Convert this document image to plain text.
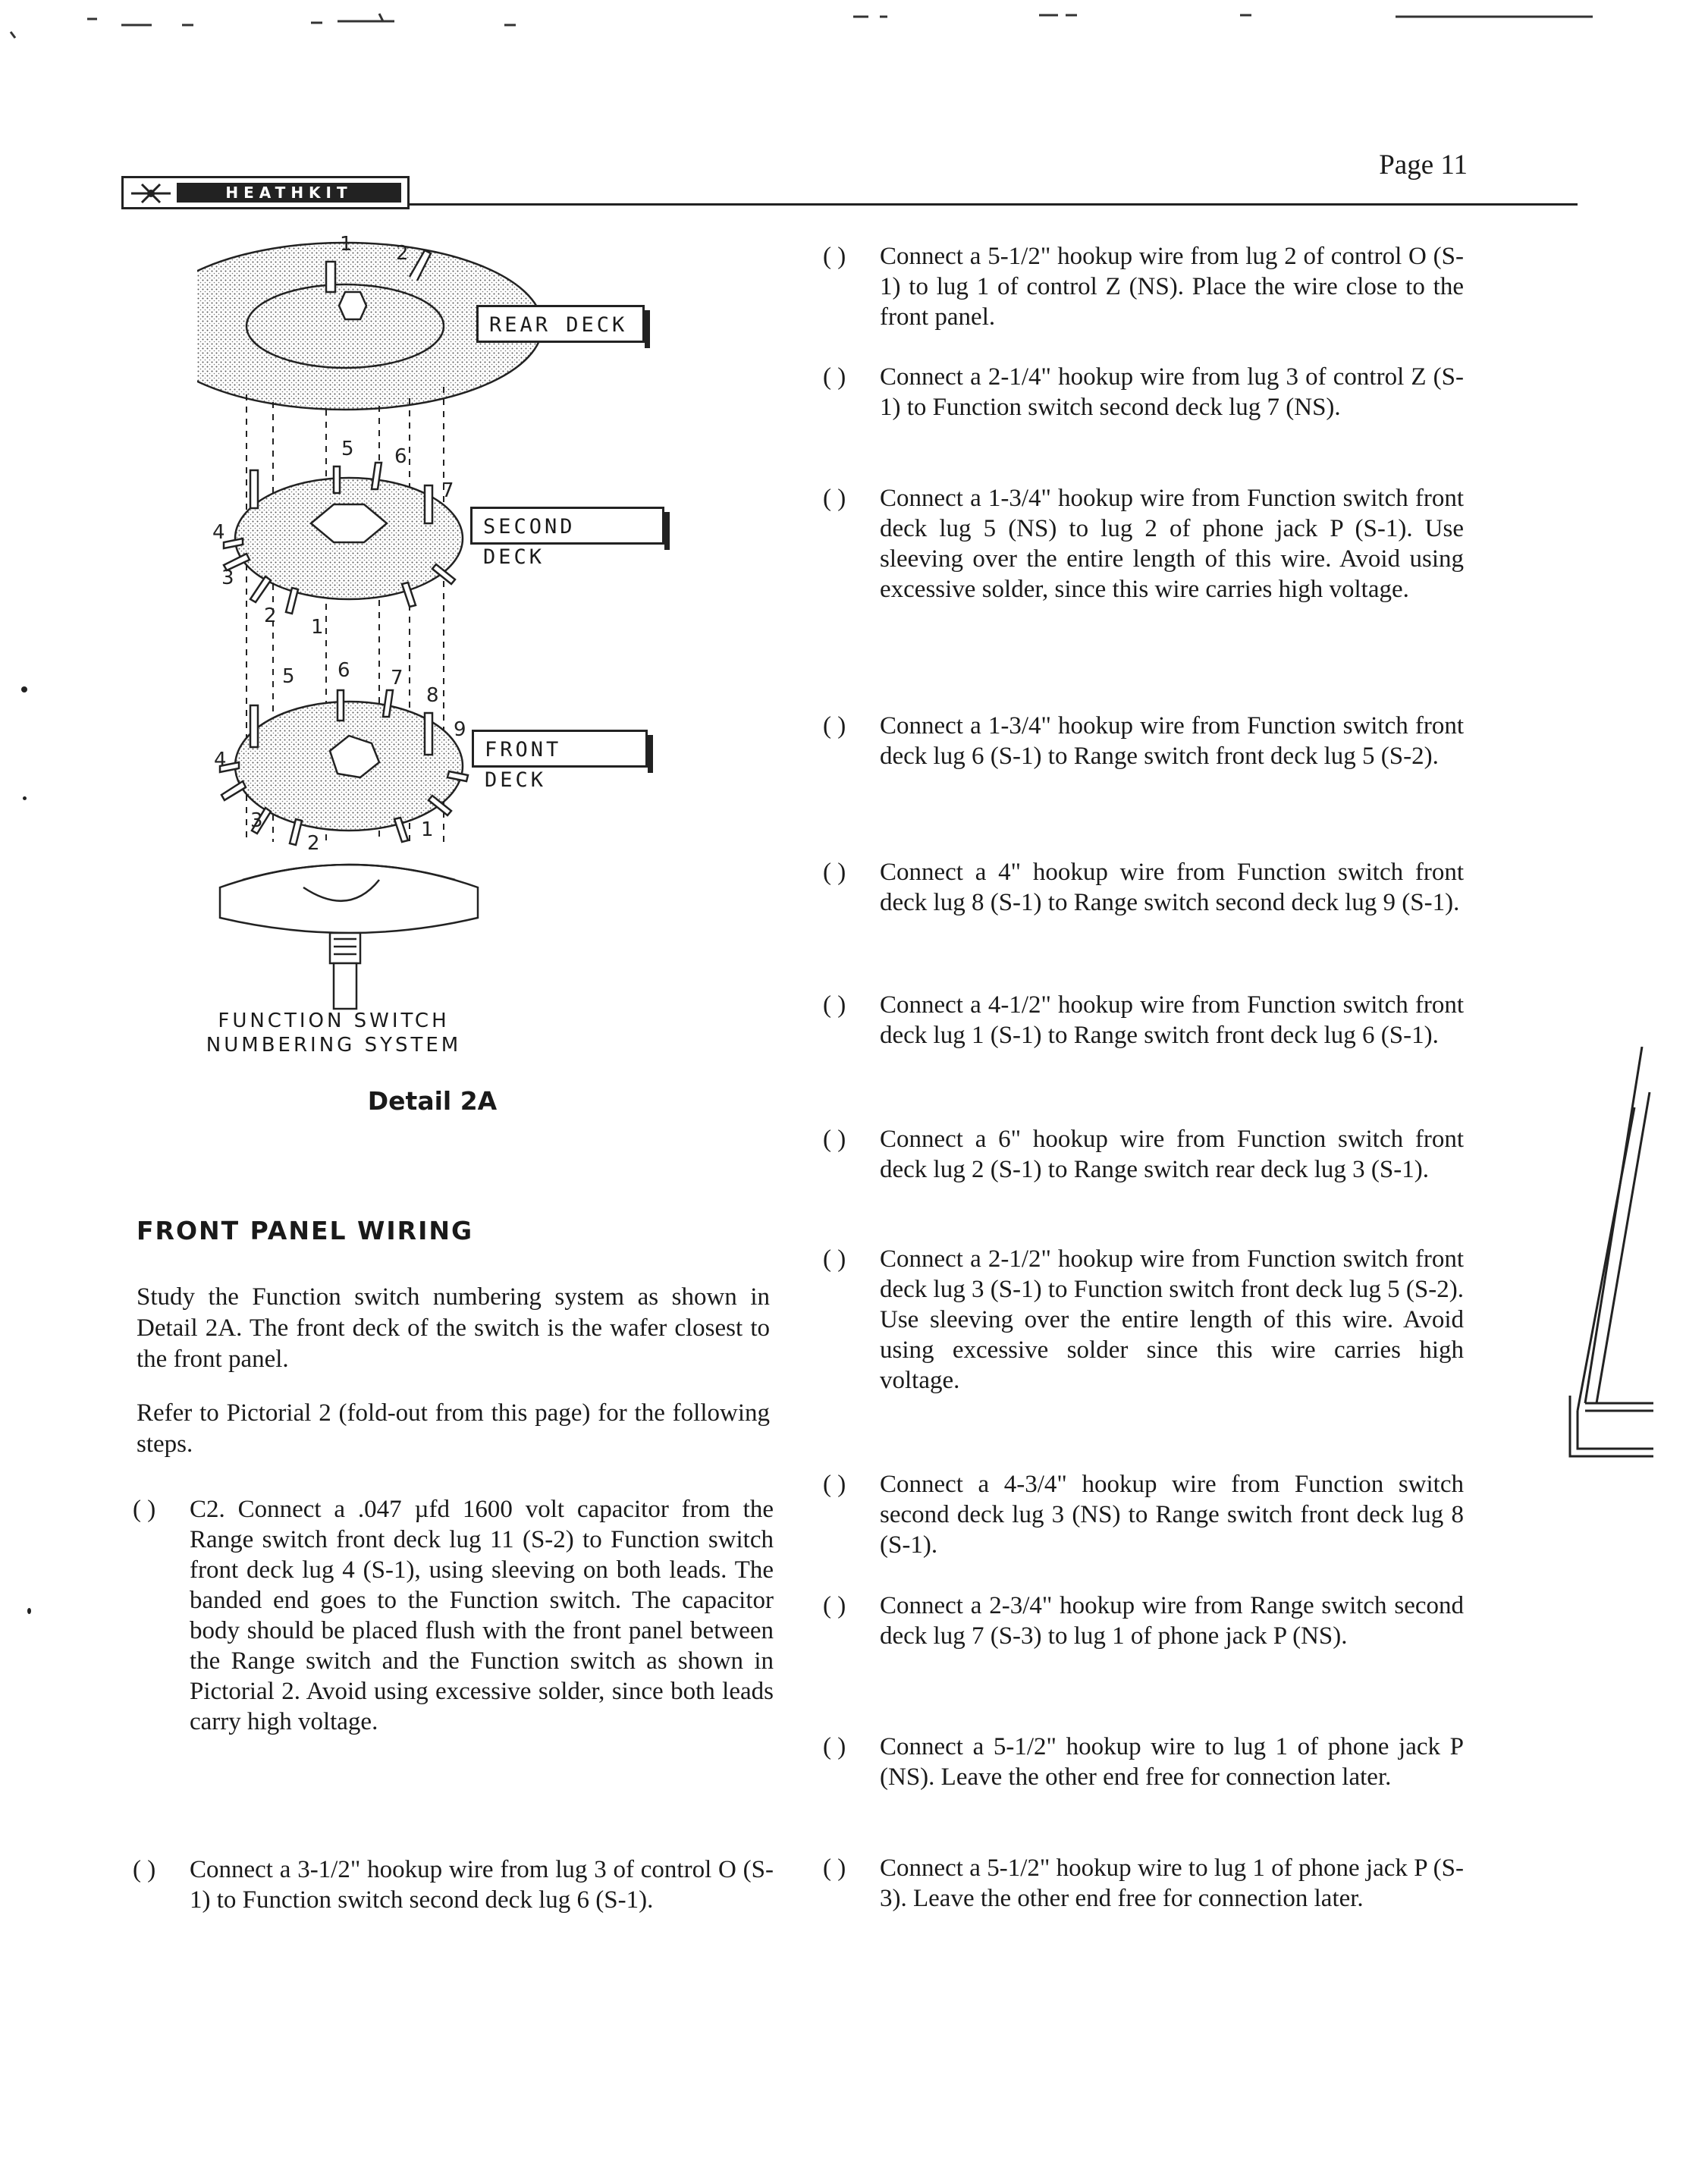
HEATHKIT
Page 11
1 2
5 6
7
4
3
2 1
5 6 7
8
9
4
3
2
1
REAR DECK
SECOND DECK
FRONT DECK
FUNCTION SWITCH
NUMBERING SYSTEM
Detail 2A
FRONT PANEL WIRING
Study the Function switch numbering system as shown in Detail 2A. The front deck of the switch is the wafer closest to the front panel.
Refer to Pictorial 2 (fold-out from this page) for the following steps.
( )	C2. Connect a .047 µfd 1600 volt capacitor from the Range switch front deck lug 11 (S-2) to Function switch front deck lug 4 (S-1), using sleeving on both leads. The banded end goes to the Function switch. The capacitor body should be placed flush with the front panel between the Range switch and the Function switch as shown in Pictorial 2. Avoid using excessive solder, since both leads carry high voltage.
( )	Connect a 3-1/2" hookup wire from lug 3 of control O (S-1) to Function switch second deck lug 6 (S-1).
( )	Connect a 5-1/2" hookup wire from lug 2 of control O (S-1) to lug 1 of control Z (NS). Place the wire close to the front panel.
( )	Connect a 2-1/4" hookup wire from lug 3 of control Z (S-1) to Function switch second deck lug 7 (NS).
( )	Connect a 1-3/4" hookup wire from Function switch front deck lug 5 (NS) to lug 2 of phone jack P (S-1). Use sleeving over the entire length of this wire. Avoid using excessive solder, since this wire carries high voltage.
( )	Connect a 1-3/4" hookup wire from Function switch front deck lug 6 (S-1) to Range switch front deck lug 5 (S-2).
( )	Connect a 4" hookup wire from Function switch front deck lug 8 (S-1) to Range switch second deck lug 9 (S-1).
( )	Connect a 4-1/2" hookup wire from Function switch front deck lug 1 (S-1) to Range switch front deck lug 6 (S-1).
( )	Connect a 6" hookup wire from Function switch front deck lug 2 (S-1) to Range switch rear deck lug 3 (S-1).
( )	Connect a 2-1/2" hookup wire from Function switch front deck lug 3 (S-1) to Function switch front deck lug 5 (S-2). Use sleeving over the entire length of this wire. Avoid using excessive solder since this wire carries high voltage.
( )	Connect a 4-3/4" hookup wire from Function switch second deck lug 3 (NS) to Range switch front deck lug 8 (S-1).
( )	Connect a 2-3/4" hookup wire from Range switch second deck lug 7 (S-3) to lug 1 of phone jack P (NS).
( )	Connect a 5-1/2" hookup wire to lug 1 of phone jack P (NS). Leave the other end free for connection later.
( )	Connect a 5-1/2" hookup wire to lug 1 of phone jack P (S-3). Leave the other end free for connection later.
